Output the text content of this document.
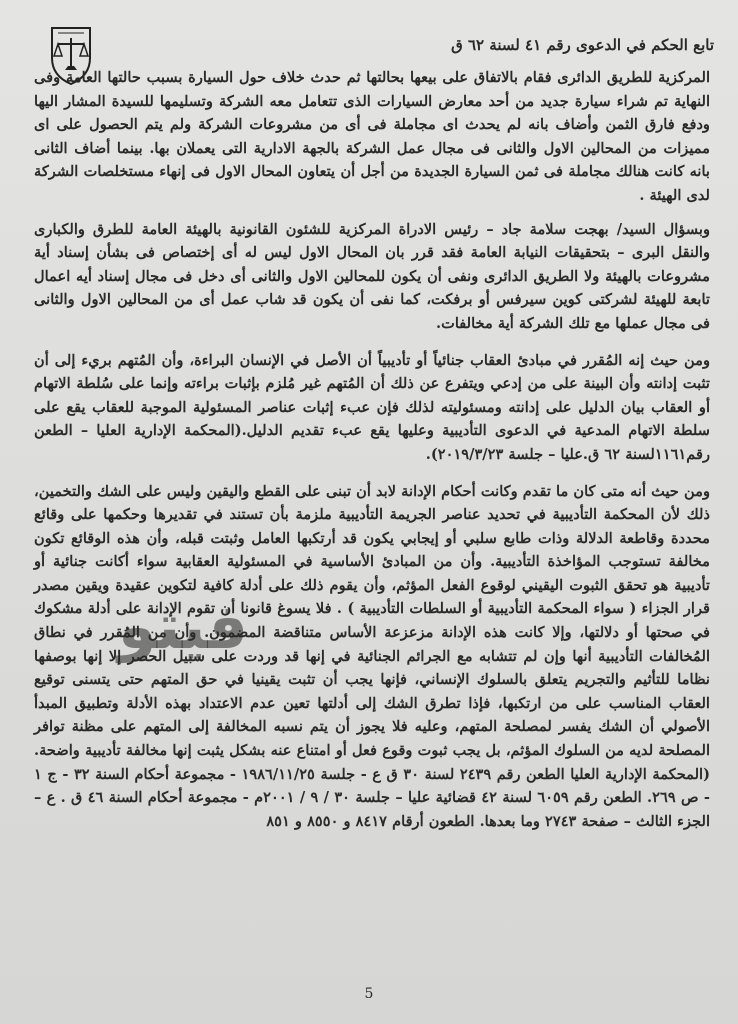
تابع الحكم في الدعوى رقم ٤١ لسنة ٦٢ ق

المركزية للطريق الدائرى فقام بالاتفاق على بيعها بحالتها ثم حدث خلاف حول السيارة بسبب حالتها العامة وفى النهاية تم شراء سيارة جديد من أحد معارض السيارات الذى تتعامل معه الشركة وتسليمها للسيدة المشار اليها ودفع فارق الثمن وأضاف بانه لم يحدث اى مجاملة فى أى من مشروعات الشركة ولم يتم الحصول على اى مميزات من المحالين الاول والثانى فى مجال عمل الشركة بالجهة الادارية التى يعملان بها. بينما أضاف الثانى بانه كانت هنالك مجاملة فى ثمن السيارة الجديدة من أجل أن يتعاون المحال الاول فى إنهاء مستخلصات الشركة لدى الهيئة .

وبسؤال السيد/ بهجت سلامة جاد – رئيس الادراة المركزية للشئون القانونية بالهيئة العامة للطرق والكبارى والنقل البرى – بتحقيقات النيابة العامة فقد قرر بان المحال الاول ليس له أى إختصاص فى بشأن إسناد أية مشروعات بالهيئة ولا الطريق الدائرى ونفى أن يكون للمحالين الاول والثانى أى دخل فى مجال إسناد أيه اعمال تابعة للهيئة لشركتى كوين سيرفس أو برفكت، كما نفى أن يكون قد شاب عمل أى من المحالين الاول والثانى فى مجال عملها مع تلك الشركة أية مخالفات.

ومن حيث إنه المُقرر في مبادئ العقاب جنائياً أو تأديبياً أن الأصل في الإنسان البراءة، وأن المُتهم بريء إلى أن تثبت إدانته وأن البينة على من إدعي ويتفرع عن ذلك أن المُتهم غير مُلزم بإثبات براءته وإنما على سُلطة الاتهام أو العقاب بيان الدليل على إدانته ومسئوليته لذلك فإن عبء إثبات عناصر المسئولية الموجبة للعقاب يقع على سلطة الاتهام المدعية في الدعوى التأديبية وعليها يقع عبء تقديم الدليل.(المحكمة الإدارية العليا – الطعن رقم١١٦١لسنة ٦٢ ق.عليا – جلسة ٢٠١٩/٣/٢٣).

ومن حيث أنه متى كان ما تقدم وكانت أحكام الإدانة لابد أن تبنى على القطع واليقين وليس على الشك والتخمين، ذلك لأن المحكمة التأديبية في تحديد عناصر الجريمة التأديبية ملزمة بأن تستند في تقديرها وحكمها على وقائع محددة وقاطعة الدلالة وذات طابع سلبي أو إيجابي يكون قد أرتكبها العامل وثبتت قبله، وأن هذه الوقائع تكون مخالفة تستوجب المؤاخذة التأديبية. وأن من المبادئ الأساسية في المسئولية العقابية سواء أكانت جنائية أو تأديبية هو تحقق الثبوت اليقيني لوقوع الفعل المؤثم، وأن يقوم ذلك على أدلة كافية لتكوين عقيدة ويقين مصدر قرار الجزاء ( سواء المحكمة التأديبية أو السلطات التأديبية ) . فلا يسوغ قانونا أن تقوم الإدانة على أدلة مشكوك في صحتها أو دلالتها، وإلا كانت هذه الإدانة مزعزعة الأساس متناقضة المضمون. وأن من المُقرر في نطاق المُخالفات التأديبية أنها وإن لم تتشابه مع الجرائم الجنائية في إنها قد وردت على سبيل الحصر إلا إنها بوصفها نظاما للتأثيم والتجريم يتعلق بالسلوك الإنساني، فإنها يجب أن تثبت يقينيا في حق المتهم حتى يتسنى توقيع العقاب المناسب على من ارتكبها، فإذا تطرق الشك إلى أدلتها تعين عدم الاعتداد بهذه الأدلة وتطبيق المبدأ الأصولي أن الشك يفسر لمصلحة المتهم، وعليه فلا يجوز أن يتم نسبه المخالفة إلى المتهم على مظنة توافر المصلحة لديه من السلوك المؤثم، بل يجب ثبوت وقوع فعل أو امتناع عنه بشكل يثبت إنها مخالفة تأديبية واضحة. (المحكمة الإدارية العليا الطعن رقم ٢٤٣٩ لسنة ٣٠ ق ع - جلسة ١٩٨٦/١١/٢٥ - مجموعة أحكام السنة ٣٢ - ج ١ - ص ٢٦٩. الطعن رقم ٦٠٥٩ لسنة ٤٢ قضائية عليا – جلسة ٣٠ / ٩ / ٢٠٠١م - مجموعة أحكام السنة ٤٦ ق . ع – الجزء الثالث – صفحة ٢٧٤٣ وما بعدها. الطعون أرقام ٨٤١٧ و ٨٥٥٠ و ٨٥١

فيتو
5
